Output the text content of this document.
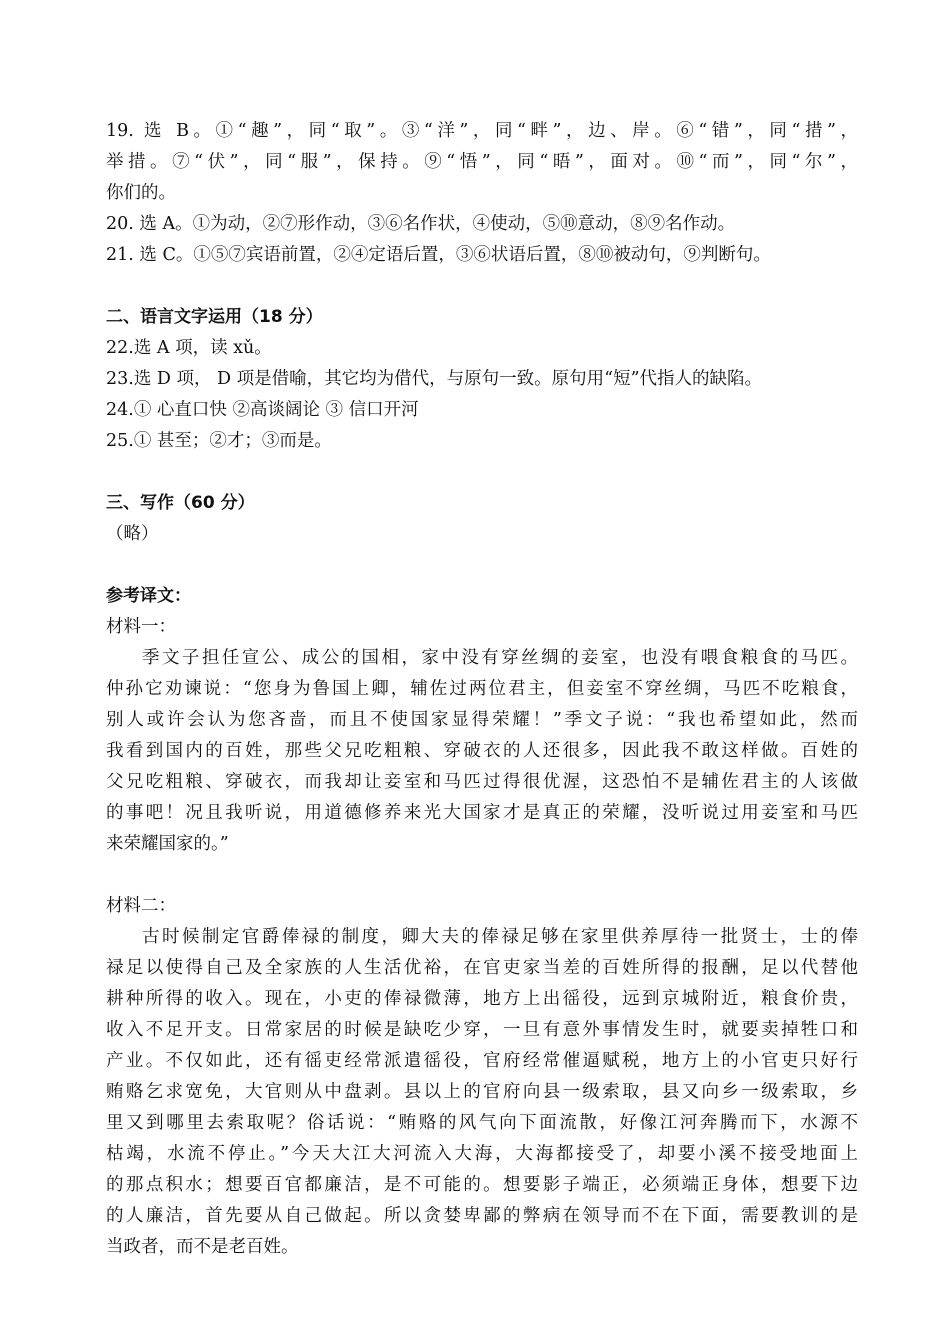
19. 选 B。①“趣”，同“取”。③“洋”，同“畔”，边、岸。⑥“错”，同“措”，

举措。⑦“伏”，同“服”，保持。⑨“悟”，同“晤”，面对。⑩“而”，同“尔”，

你们的。

20. 选 A。①为动，②⑦形作动，③⑥名作状，④使动，⑤⑩意动，⑧⑨名作动。

21. 选 C。①⑤⑦宾语前置，②④定语后置，③⑥状语后置，⑧⑩被动句，⑨判断句。

二、语言文字运用（18 分）

22.选 A 项，读 xǔ。

23.选 D 项， D 项是借喻，其它均为借代，与原句一致。原句用“短”代指人的缺陷。

24.① 心直口快 ②高谈阔论 ③ 信口开河

25.① 甚至；②才；③而是。

三、写作（60 分）

（略）

参考译文：

材料一：

季文子担任宣公、成公的国相，家中没有穿丝绸的妾室，也没有喂食粮食的马匹。

仲孙它劝谏说：“您身为鲁国上卿，辅佐过两位君主，但妾室不穿丝绸，马匹不吃粮食，

别人或许会认为您吝啬，而且不使国家显得荣耀！”季文子说：“我也希望如此，然而

我看到国内的百姓，那些父兄吃粗粮、穿破衣的人还很多，因此我不敢这样做。百姓的

父兄吃粗粮、穿破衣，而我却让妾室和马匹过得很优渥，这恐怕不是辅佐君主的人该做

的事吧！况且我听说，用道德修养来光大国家才是真正的荣耀，没听说过用妾室和马匹

来荣耀国家的。”

材料二：

古时候制定官爵俸禄的制度，卿大夫的俸禄足够在家里供养厚待一批贤士，士的俸

禄足以使得自己及全家族的人生活优裕，在官吏家当差的百姓所得的报酬，足以代替他

耕种所得的收入。现在，小吏的俸禄微薄，地方上出徭役，远到京城附近，粮食价贵，

收入不足开支。日常家居的时候是缺吃少穿，一旦有意外事情发生时，就要卖掉牲口和

产业。不仅如此，还有徭吏经常派遣徭役，官府经常催逼赋税，地方上的小官吏只好行

贿赂乞求宽免，大官则从中盘剥。县以上的官府向县一级索取，县又向乡一级索取，乡

里又到哪里去索取呢？俗话说：“贿赂的风气向下面流散，好像江河奔腾而下，水源不

枯竭，水流不停止。”今天大江大河流入大海，大海都接受了，却要小溪不接受地面上

的那点积水；想要百官都廉洁，是不可能的。想要影子端正，必须端正身体，想要下边

的人廉洁，首先要从自己做起。所以贪婪卑鄙的弊病在领导而不在下面，需要教训的是

当政者，而不是老百姓。
